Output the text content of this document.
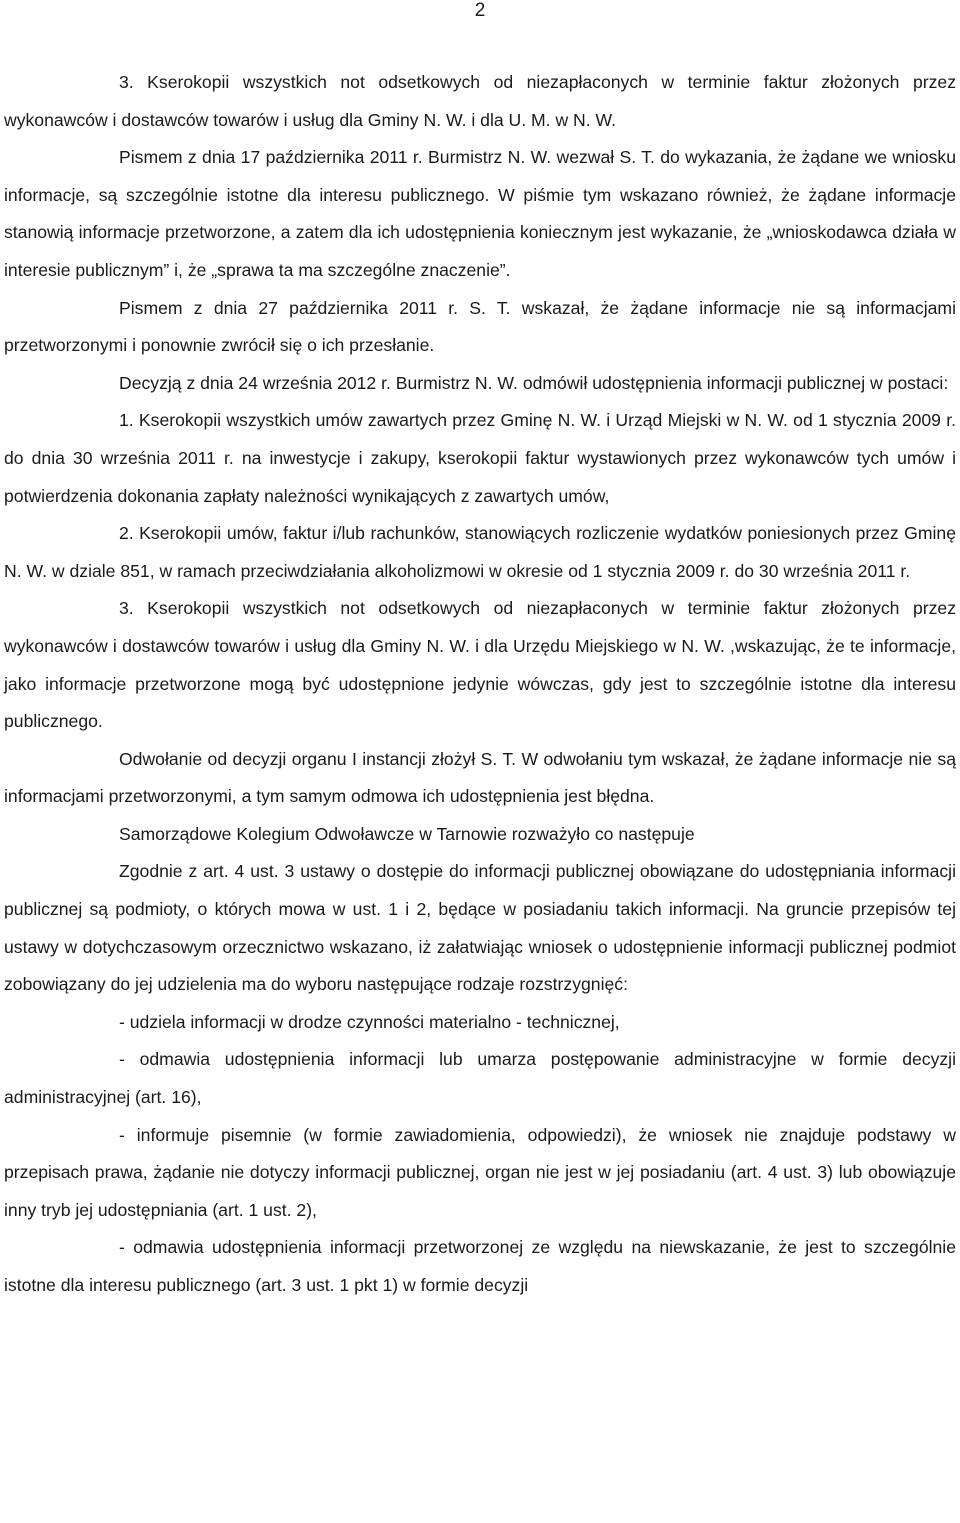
2

3. Kserokopii wszystkich not odsetkowych od niezapłaconych w terminie faktur złożonych przez wykonawców i dostawców towarów i usług dla Gminy N. W. i dla U. M. w N. W.

Pismem z dnia 17 października 2011 r. Burmistrz N. W. wezwał S. T. do wykazania, że żądane we wniosku informacje, są szczególnie istotne dla interesu publicznego. W piśmie tym wskazano również, że żądane informacje stanowią informacje przetworzone, a zatem dla ich udostępnienia koniecznym jest wykazanie, że „wnioskodawca działa w interesie publicznym” i, że „sprawa ta ma szczególne znaczenie”.

Pismem z dnia 27 października 2011 r. S. T. wskazał, że żądane informacje nie są informacjami przetworzonymi i ponownie zwrócił się o ich przesłanie.

Decyzją z dnia 24 września 2012 r. Burmistrz N. W. odmówił udostępnienia informacji publicznej w postaci:

1. Kserokopii wszystkich umów zawartych przez Gminę N. W. i Urząd Miejski w N. W. od 1 stycznia 2009 r. do dnia 30 września 2011 r. na inwestycje i zakupy, kserokopii faktur wystawionych przez wykonawców tych umów i potwierdzenia dokonania zapłaty należności wynikających z zawartych umów,

2. Kserokopii umów, faktur i/lub rachunków, stanowiących rozliczenie wydatków poniesionych przez Gminę N. W. w dziale 851, w ramach przeciwdziałania alkoholizmowi w okresie od 1 stycznia 2009 r. do 30 września 2011 r.

3. Kserokopii wszystkich not odsetkowych od niezapłaconych w terminie faktur złożonych przez wykonawców i dostawców towarów i usług dla Gminy N. W. i dla Urzędu Miejskiego w N. W. ,wskazując, że te informacje, jako informacje przetworzone mogą być udostępnione jedynie wówczas, gdy jest to szczególnie istotne dla interesu publicznego.

Odwołanie od decyzji organu I instancji złożył S. T. W odwołaniu tym wskazał, że żądane informacje nie są informacjami przetworzonymi, a tym samym odmowa ich udostępnienia jest błędna.

Samorządowe Kolegium Odwoławcze w Tarnowie rozważyło co następuje

Zgodnie z art. 4 ust. 3 ustawy o dostępie do informacji publicznej obowiązane do udostępniania informacji publicznej są podmioty, o których mowa w ust. 1 i 2, będące w posiadaniu takich informacji. Na gruncie przepisów tej ustawy w dotychczasowym orzecznictwo wskazano, iż załatwiając wniosek o udostępnienie informacji publicznej podmiot zobowiązany do jej udzielenia ma do wyboru następujące rodzaje rozstrzygnięć:

- udziela informacji w drodze czynności materialno - technicznej,

- odmawia udostępnienia informacji lub umarza postępowanie administracyjne w formie decyzji administracyjnej (art. 16),

- informuje pisemnie (w formie zawiadomienia, odpowiedzi), że wniosek nie znajduje podstawy w przepisach prawa, żądanie nie dotyczy informacji publicznej, organ nie jest w jej posiadaniu (art. 4 ust. 3) lub obowiązuje inny tryb jej udostępniania (art. 1 ust. 2),

- odmawia udostępnienia informacji przetworzonej ze względu na niewskazanie, że jest to szczególnie istotne dla interesu publicznego (art. 3 ust. 1 pkt 1) w formie decyzji
